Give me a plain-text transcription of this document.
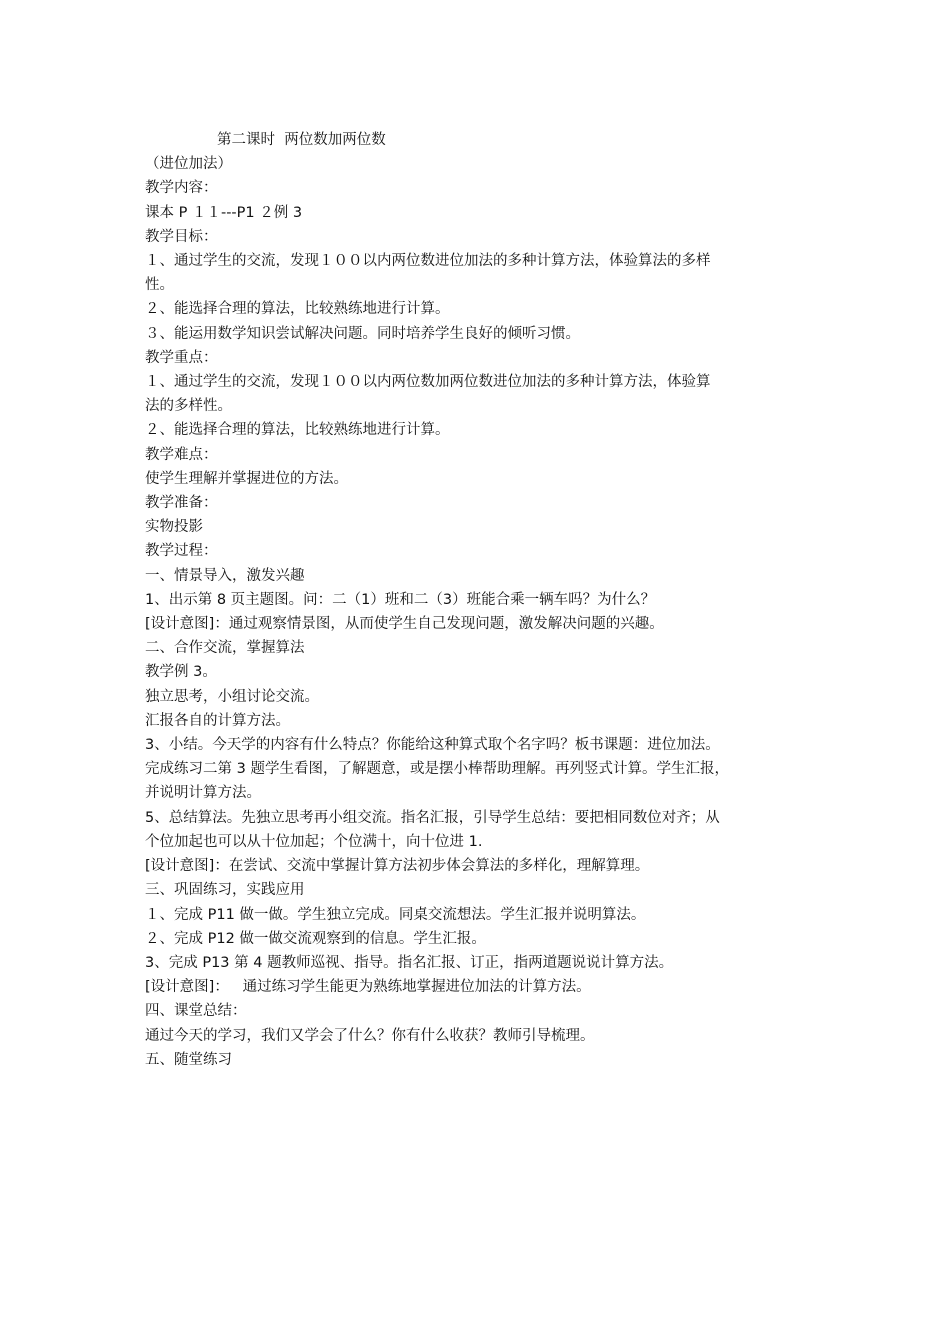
第二课时  两位数加两位数

（进位加法）

教学内容：

课本 P １１---P1 ２例 3

教学目标：

１、通过学生的交流，发现１００以内两位数进位加法的多种计算方法，体验算法的多样

性。

２、能选择合理的算法，比较熟练地进行计算。

３、能运用数学知识尝试解决问题。同时培养学生良好的倾听习惯。

教学重点：

１、通过学生的交流，发现１００以内两位数加两位数进位加法的多种计算方法，体验算

法的多样性。

２、能选择合理的算法，比较熟练地进行计算。

教学难点：

使学生理解并掌握进位的方法。

教学准备：

实物投影

教学过程：

一、情景导入，激发兴趣

1、出示第 8 页主题图。问：二（1）班和二（3）班能合乘一辆车吗？为什么？

[设计意图]：通过观察情景图，从而使学生自己发现问题，激发解决问题的兴趣。

二、合作交流，掌握算法

教学例 3。

独立思考，小组讨论交流。

汇报各自的计算方法。

3、小结。今天学的内容有什么特点？你能给这种算式取个名字吗？板书课题：进位加法。

完成练习二第 3 题学生看图，了解题意，或是摆小棒帮助理解。再列竖式计算。学生汇报，

并说明计算方法。

5、总结算法。先独立思考再小组交流。指名汇报，引导学生总结：要把相同数位对齐；从

个位加起也可以从十位加起；个位满十，向十位进 1.

[设计意图]：在尝试、交流中掌握计算方法初步体会算法的多样化，理解算理。

三、巩固练习，实践应用

１、完成 P11 做一做。学生独立完成。同桌交流想法。学生汇报并说明算法。

２、完成 P12 做一做交流观察到的信息。学生汇报。

3、完成 P13 第 4 题教师巡视、指导。指名汇报、订正，指两道题说说计算方法。

[设计意图]：   通过练习学生能更为熟练地掌握进位加法的计算方法。

四、课堂总结：

通过今天的学习，我们又学会了什么？你有什么收获？教师引导梳理。

五、随堂练习
